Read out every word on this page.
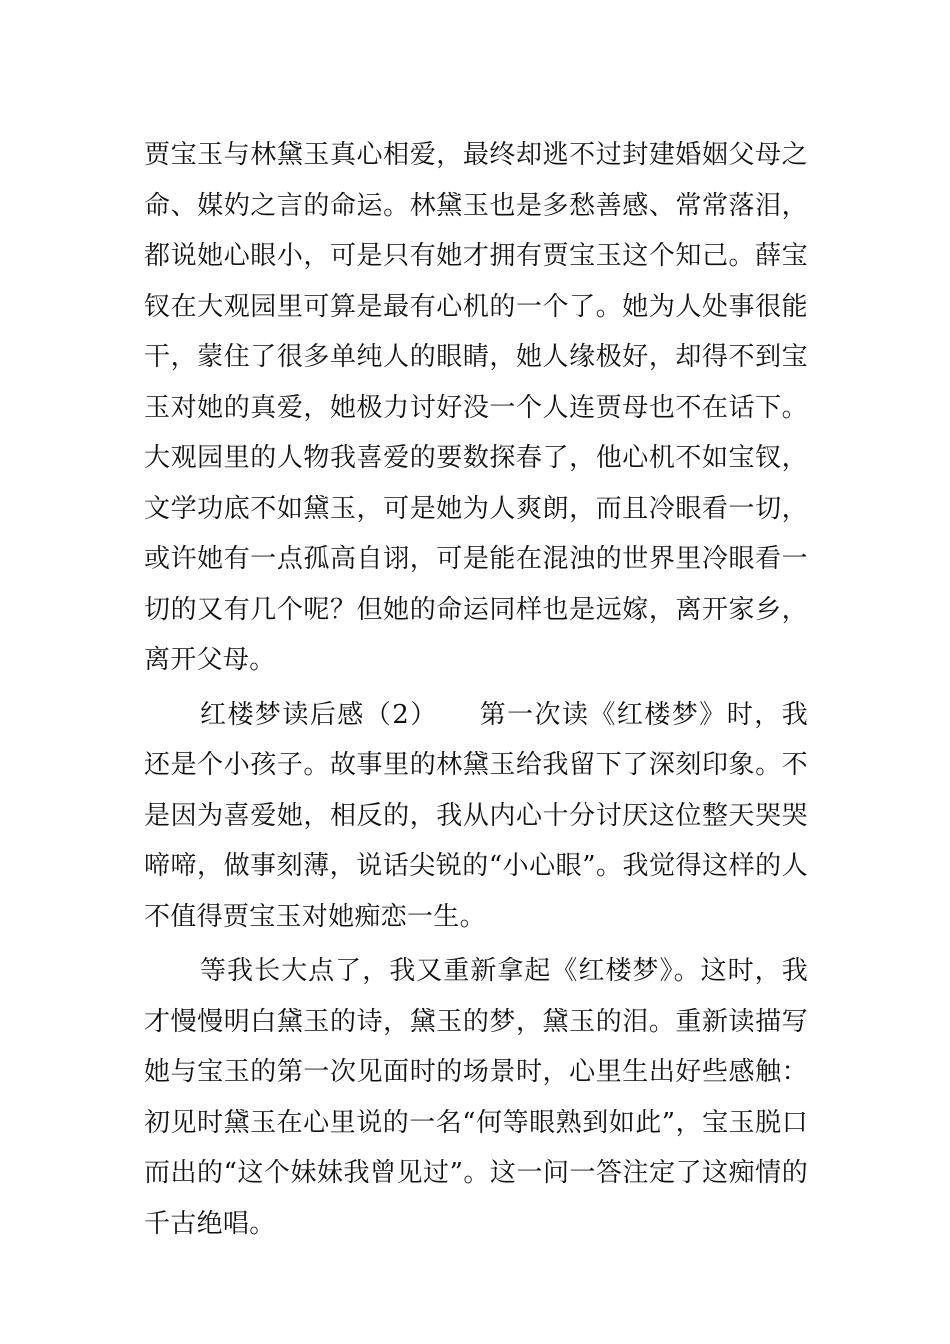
贾宝玉与林黛玉真心相爱，最终却逃不过封建婚姻父母之命、媒妁之言的命运。林黛玉也是多愁善感、常常落泪，都说她心眼小，可是只有她才拥有贾宝玉这个知己。薛宝钗在大观园里可算是最有心机的一个了。她为人处事很能干，蒙住了很多单纯人的眼睛，她人缘极好，却得不到宝玉对她的真爱，她极力讨好没一个人连贾母也不在话下。大观园里的人物我喜爱的要数探春了，他心机不如宝钗，文学功底不如黛玉，可是她为人爽朗，而且冷眼看一切，或许她有一点孤高自诩，可是能在混浊的世界里冷眼看一切的又有几个呢？但她的命运同样也是远嫁，离开家乡，离开父母。

红楼梦读后感（2）　　第一次读《红楼梦》时，我还是个小孩子。故事里的林黛玉给我留下了深刻印象。不是因为喜爱她，相反的，我从内心十分讨厌这位整天哭哭啼啼，做事刻薄，说话尖锐的“小心眼”。我觉得这样的人不值得贾宝玉对她痴恋一生。

等我长大点了，我又重新拿起《红楼梦》。这时，我才慢慢明白黛玉的诗，黛玉的梦，黛玉的泪。重新读描写她与宝玉的第一次见面时的场景时，心里生出好些感触：初见时黛玉在心里说的一名“何等眼熟到如此”，宝玉脱口而出的“这个妹妹我曾见过”。这一问一答注定了这痴情的千古绝唱。
